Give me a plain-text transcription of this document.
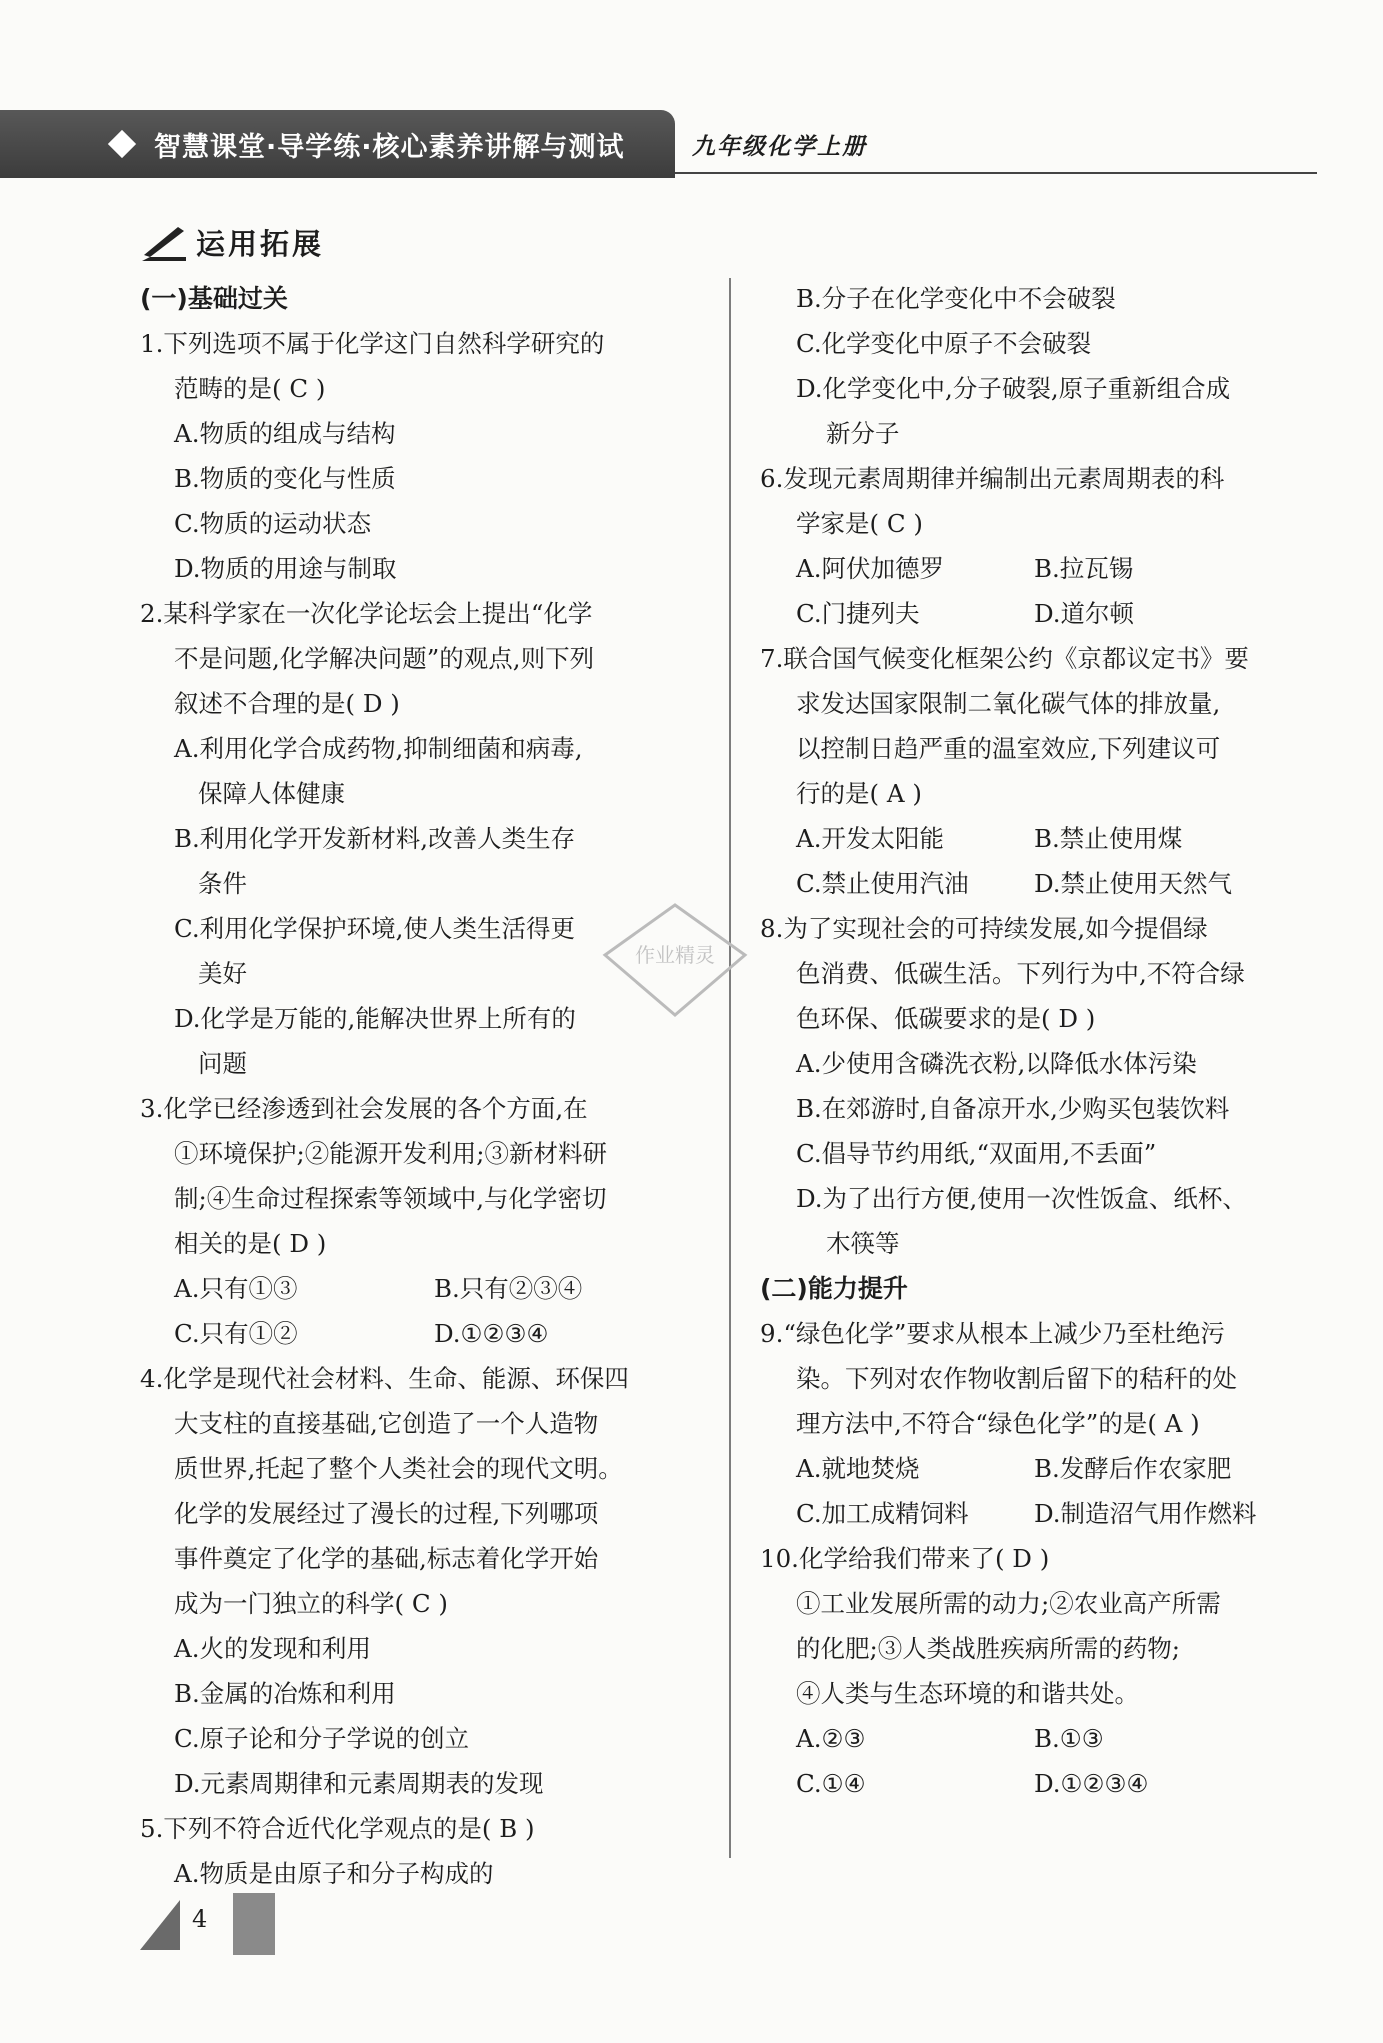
智慧课堂·导学练·核心素养讲解与测试	九年级化学上册
运用拓展
(一)基础过关
1.下列选项不属于化学这门自然科学研究的
范畴的是( C )
A.物质的组成与结构
B.物质的变化与性质
C.物质的运动状态
D.物质的用途与制取
2.某科学家在一次化学论坛会上提出“化学
不是问题,化学解决问题”的观点,则下列
叙述不合理的是( D )
A.利用化学合成药物,抑制细菌和病毒,
保障人体健康
B.利用化学开发新材料,改善人类生存
条件
C.利用化学保护环境,使人类生活得更
美好
D.化学是万能的,能解决世界上所有的
问题
3.化学已经渗透到社会发展的各个方面,在
①环境保护;②能源开发利用;③新材料研
制;④生命过程探索等领域中,与化学密切
相关的是( D )
A.只有①③	B.只有②③④
C.只有①②	D.①②③④
4.化学是现代社会材料、生命、能源、环保四
大支柱的直接基础,它创造了一个人造物
质世界,托起了整个人类社会的现代文明。
化学的发展经过了漫长的过程,下列哪项
事件奠定了化学的基础,标志着化学开始
成为一门独立的科学( C )
A.火的发现和利用
B.金属的冶炼和利用
C.原子论和分子学说的创立
D.元素周期律和元素周期表的发现
5.下列不符合近代化学观点的是( B )
A.物质是由原子和分子构成的
B.分子在化学变化中不会破裂
C.化学变化中原子不会破裂
D.化学变化中,分子破裂,原子重新组合成
新分子
6.发现元素周期律并编制出元素周期表的科
学家是( C )
A.阿伏加德罗	B.拉瓦锡
C.门捷列夫	D.道尔顿
7.联合国气候变化框架公约《京都议定书》要
求发达国家限制二氧化碳气体的排放量,
以控制日趋严重的温室效应,下列建议可
行的是( A )
A.开发太阳能	B.禁止使用煤
C.禁止使用汽油	D.禁止使用天然气
8.为了实现社会的可持续发展,如今提倡绿
色消费、低碳生活。下列行为中,不符合绿
色环保、低碳要求的是( D )
A.少使用含磷洗衣粉,以降低水体污染
B.在郊游时,自备凉开水,少购买包装饮料
C.倡导节约用纸,“双面用,不丢面”
D.为了出行方便,使用一次性饭盒、纸杯、
木筷等
(二)能力提升
9.“绿色化学”要求从根本上减少乃至杜绝污
染。下列对农作物收割后留下的秸秆的处
理方法中,不符合“绿色化学”的是( A )
A.就地焚烧	B.发酵后作农家肥
C.加工成精饲料	D.制造沼气用作燃料
10.化学给我们带来了( D )
①工业发展所需的动力;②农业高产所需
的化肥;③人类战胜疾病所需的药物;
④人类与生态环境的和谐共处。
A.②③	B.①③
C.①④	D.①②③④
作业精灵
4
